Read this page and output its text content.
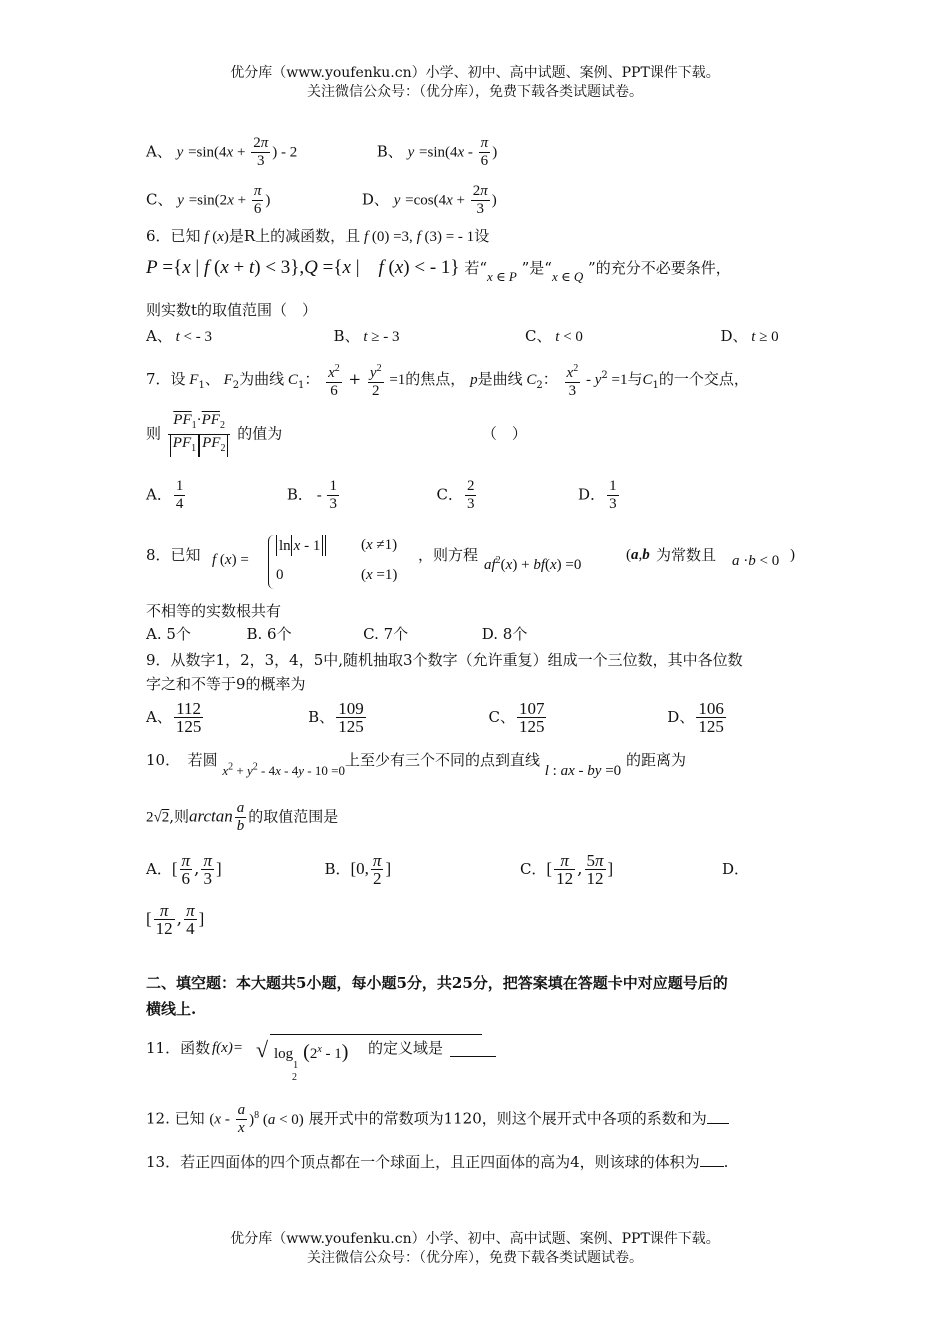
优分库（www.youfenku.cn）小学、初中、高中试题、案例、PPT课件下载。
关注微信公众号：（优分库），免费下载各类试题试卷。
A、 $y =\sin(4x + \frac{2\pi}{3}$ ) - 2	B、 $y =\sin(4x - \frac{\pi}{6}$ )
C、 $y =\sin(2x + \frac{\pi}{6}$ )	D、 $y =\cos(4x + \frac{2\pi}{3}$ )
6．已知 f (x)是R上的减函数，且 f (0) =3, f (3) = - 1设
P ={x | f (x + t) < 3},Q ={x |　f (x) < - 1} 若“x ∈ P ”是“x ∈ Q ”的充分不必要条件，
则实数t的取值范围（　）
A、 t < - 3	B、 t ≥ - 3	C、 t < 0	D、 t ≥ 0
7．设 $F_1$、 $F_2$为曲线 $C_1$： $\frac{x^2}{6} + \frac{y^2}{2} =1$的焦点， p是曲线 $C_2$： $\frac{x^2}{3} - y^2 =1$与$C_1$的一个交点，
则 $\frac{\overline{PF}_1\cdot\overline{PF}_2}{PF_1 PF_2}$ 的值为	（　）
A． $\frac{1}{4}$	B． - $\frac{1}{3}$	C． $\frac{2}{3}$	D． $\frac{1}{3}$
8．已知 f (x) =
ln x - 1	(x ≠1)
0	(x =1)
，则方程
$af^2(x) + bf(x) =0$
(a,b 为常数且 a ·b < 0 )
不相等的实数根共有
A. 5个	B. 6个	C. 7个	D. 8个
9．从数字1，2，3，4，5中,随机抽取3个数字（允许重复）组成一个三位数，其中各位数
字之和不等于9的概率为
A、 $\frac{112}{125}$	B、 $\frac{109}{125}$	C、 $\frac{107}{125}$	D、 $\frac{106}{125}$
10．　若圆 $x^2 + y^2 - 4x - 4y - 10 =0$上至少有三个不同的点到直线 l : ax - by =0 的距离为
2√2,则$\arctan \frac{a}{b}$ 的取值范围是
A．[ $\frac{\pi}{6}$ , $\frac{\pi}{3}$ ]	B．[0, $\frac{\pi}{2}$ ]	C．[ $\frac{\pi}{12}$ , $\frac{5\pi}{12}$ ]	D．
[ $\frac{\pi}{12}$ , $\frac{\pi}{4}$ ]
二、填空题：本大题共5小题，每小题5分，共25分，把答案填在答题卡中对应题号后的
横线上.
11．函数 f(x)= √ $\log_1 (2^x - 1)$
2
的定义域是
12. 已知 $(x - \frac{a}{x} )^8$ (a < 0) 展开式中的常数项为1120，则这个展开式中各项的系数和为
13．若正四面体的四个顶点都在一个球面上，且正四面体的高为4，则该球的体积为 .
优分库（www.youfenku.cn）小学、初中、高中试题、案例、PPT课件下载。
关注微信公众号：（优分库），免费下载各类试题试卷。
